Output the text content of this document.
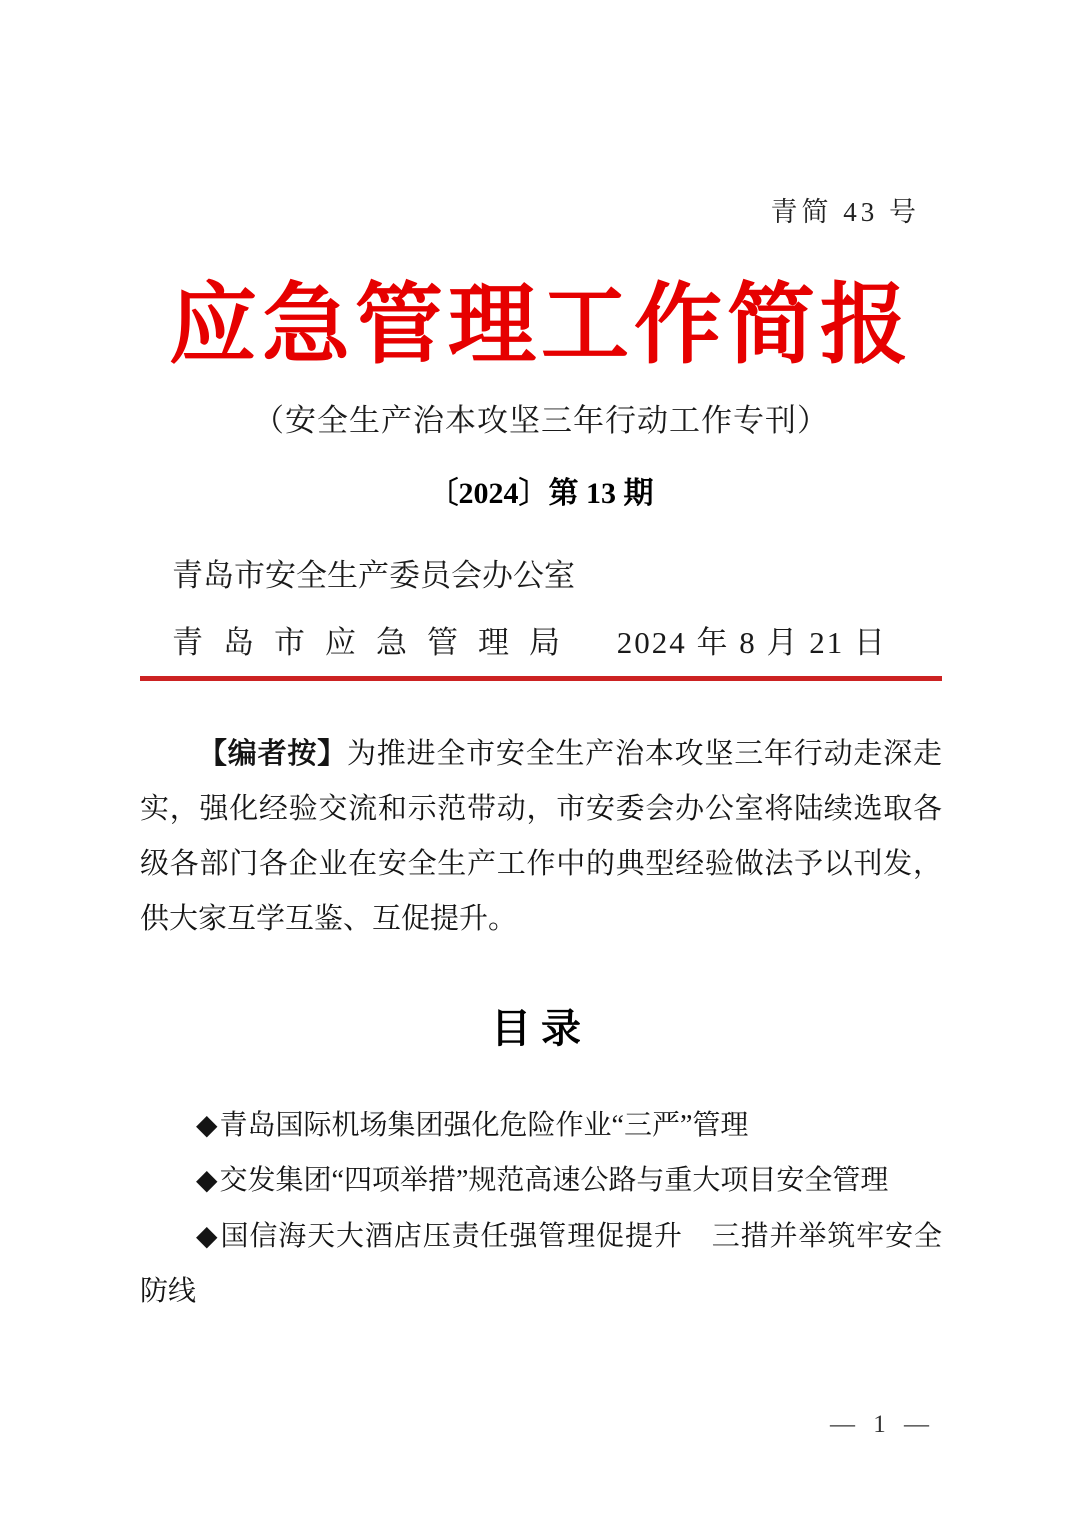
青简 43 号
应急管理工作简报
（安全生产治本攻坚三年行动工作专刊）
〔2024〕第 13 期
青岛市安全生产委员会办公室
青岛市应急管理局 2024 年 8 月 21 日

【编者按】为推进全市安全生产治本攻坚三年行动走深走实，强化经验交流和示范带动，市安委会办公室将陆续选取各级各部门各企业在安全生产工作中的典型经验做法予以刊发，供大家互学互鉴、互促提升。

目录

◆青岛国际机场集团强化危险作业“三严”管理

◆交发集团“四项举措”规范高速公路与重大项目安全管理

◆国信海天大酒店压责任强管理促提升　三措并举筑牢安全防线

— 1 —
